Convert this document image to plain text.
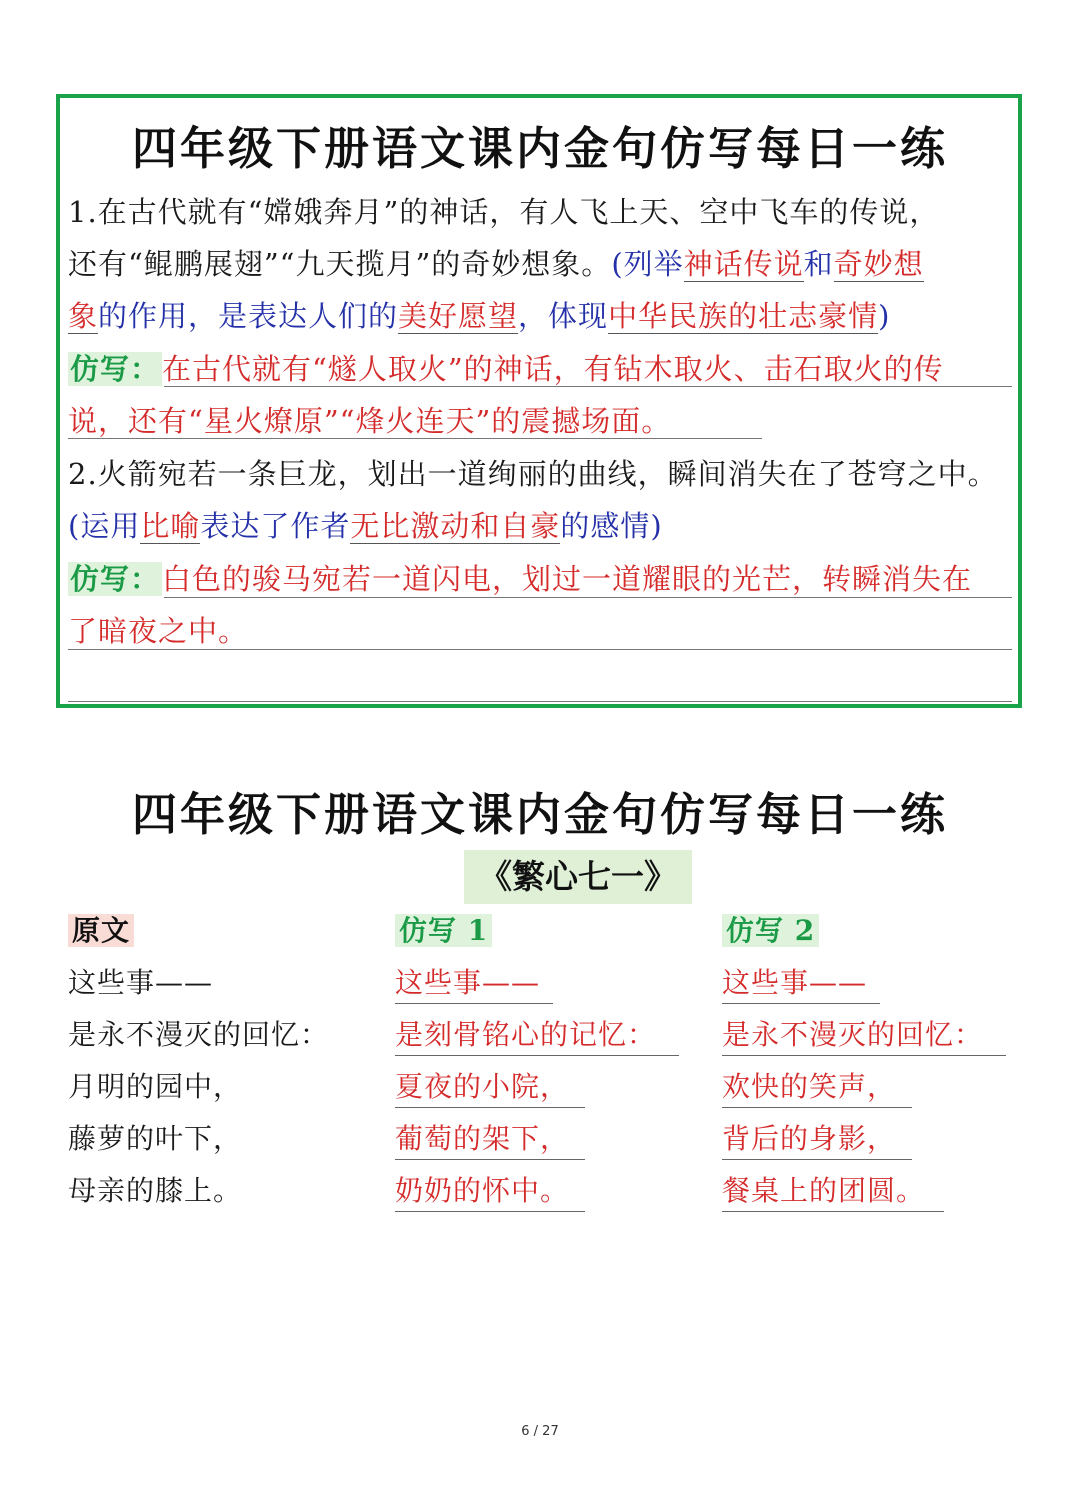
四年级下册语文课内金句仿写每日一练
1.在古代就有“嫦娥奔月”的神话，有人飞上天、空中飞车的传说，
还有“鲲鹏展翅”“九天揽月”的奇妙想象。(列举神话传说和奇妙想
象的作用，是表达人们的美好愿望，体现中华民族的壮志豪情)
仿写：在古代就有“燧人取火”的神话，有钻木取火、击石取火的传
说，还有“星火燎原”“烽火连天”的震撼场面。
2.火箭宛若一条巨龙，划出一道绚丽的曲线，瞬间消失在了苍穹之中。
(运用比喻表达了作者无比激动和自豪的感情)
仿写：白色的骏马宛若一道闪电，划过一道耀眼的光芒，转瞬消失在
了暗夜之中。
四年级下册语文课内金句仿写每日一练
《繁心七一》
原文
这些事——
是永不漫灭的回忆：
月明的园中，
藤萝的叶下，
母亲的膝上。
仿写 1
这些事——
是刻骨铭心的记忆：
夏夜的小院，
葡萄的架下，
奶奶的怀中。
仿写 2
这些事——
是永不漫灭的回忆：
欢快的笑声，
背后的身影，
餐桌上的团圆。
6 / 27
